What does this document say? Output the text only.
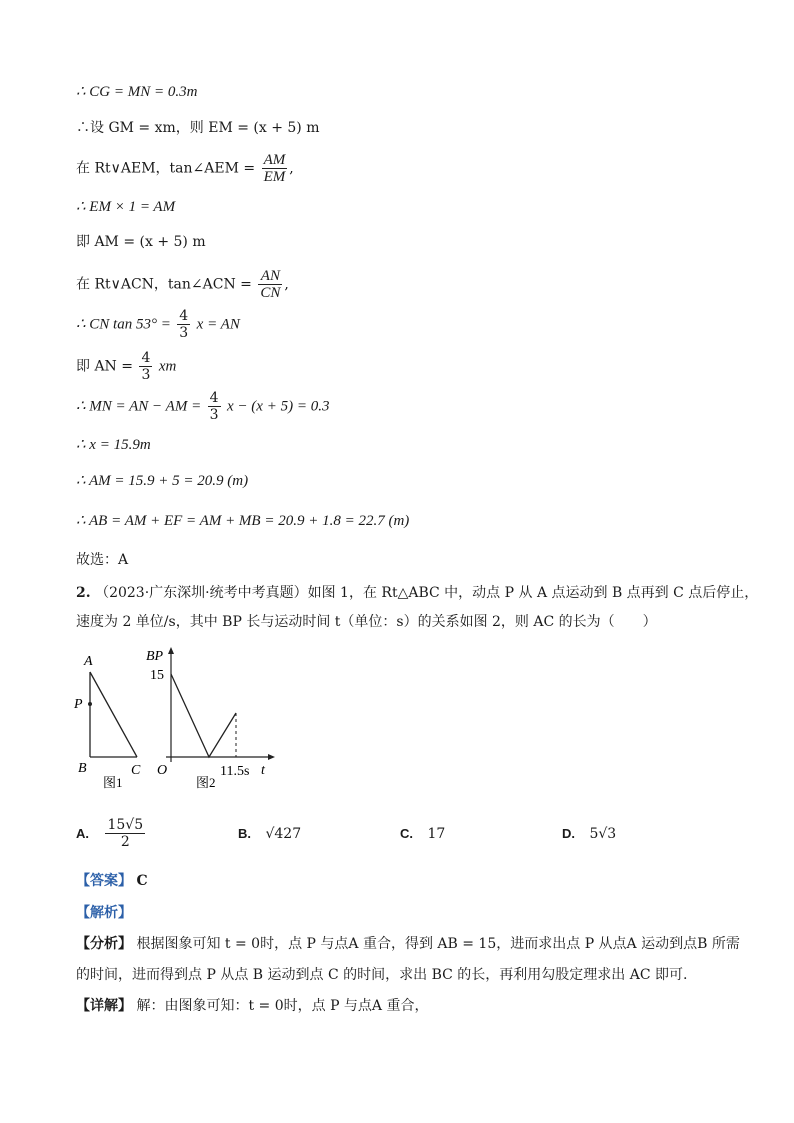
∴ CG = MN = 0.3m
∴设 GM = xm，则 EM = (x + 5) m
在 Rt∨AEM，tan∠AEM = $\frac{AM}{EM}$ ,
∴ EM × 1 = AM
即 AM = (x + 5) m
在 Rt∨ACN，tan∠ACN = $\frac{AN}{CN}$ ,
∴ CN $\tan 53^\circ = \frac{4}{3}$ x = AN
即 AN = $\frac{4}{3}$ xm
∴ MN = AN − AM = $\frac{4}{3}$ x − (x + 5) = 0.3
∴ x = 15.9m
∴ AM = 15.9 + 5 = 20.9 (m)
∴ AB = AM + EF = AM + MB = 20.9 + 1.8 = 22.7 (m)
故选：A
2. （2023·广东深圳·统考中考真题）如图 1，在 Rt△ABC 中，动点 P 从 A 点运动到 B 点再到 C 点后停止，
速度为 2 单位/s，其中 BP 长与运动时间 t（单位：s）的关系如图 2，则 AC 的长为（　　）
A
P
B	C
图1
BP
15
O	11.5s t
图2
A. $\frac{15√5}{2}$	B. √427	C. 17	D. 5√3
【答案】 C
【解析】
【分析】 根据图象可知 t = 0时，点 P 与点A 重合，得到 AB = 15，进而求出点 P 从点A 运动到点B 所需
的时间，进而得到点 P 从点 B 运动到点 C 的时间，求出 BC 的长，再利用勾股定理求出 AC 即可.
【详解】 解：由图象可知：t = 0时，点 P 与点A 重合，
